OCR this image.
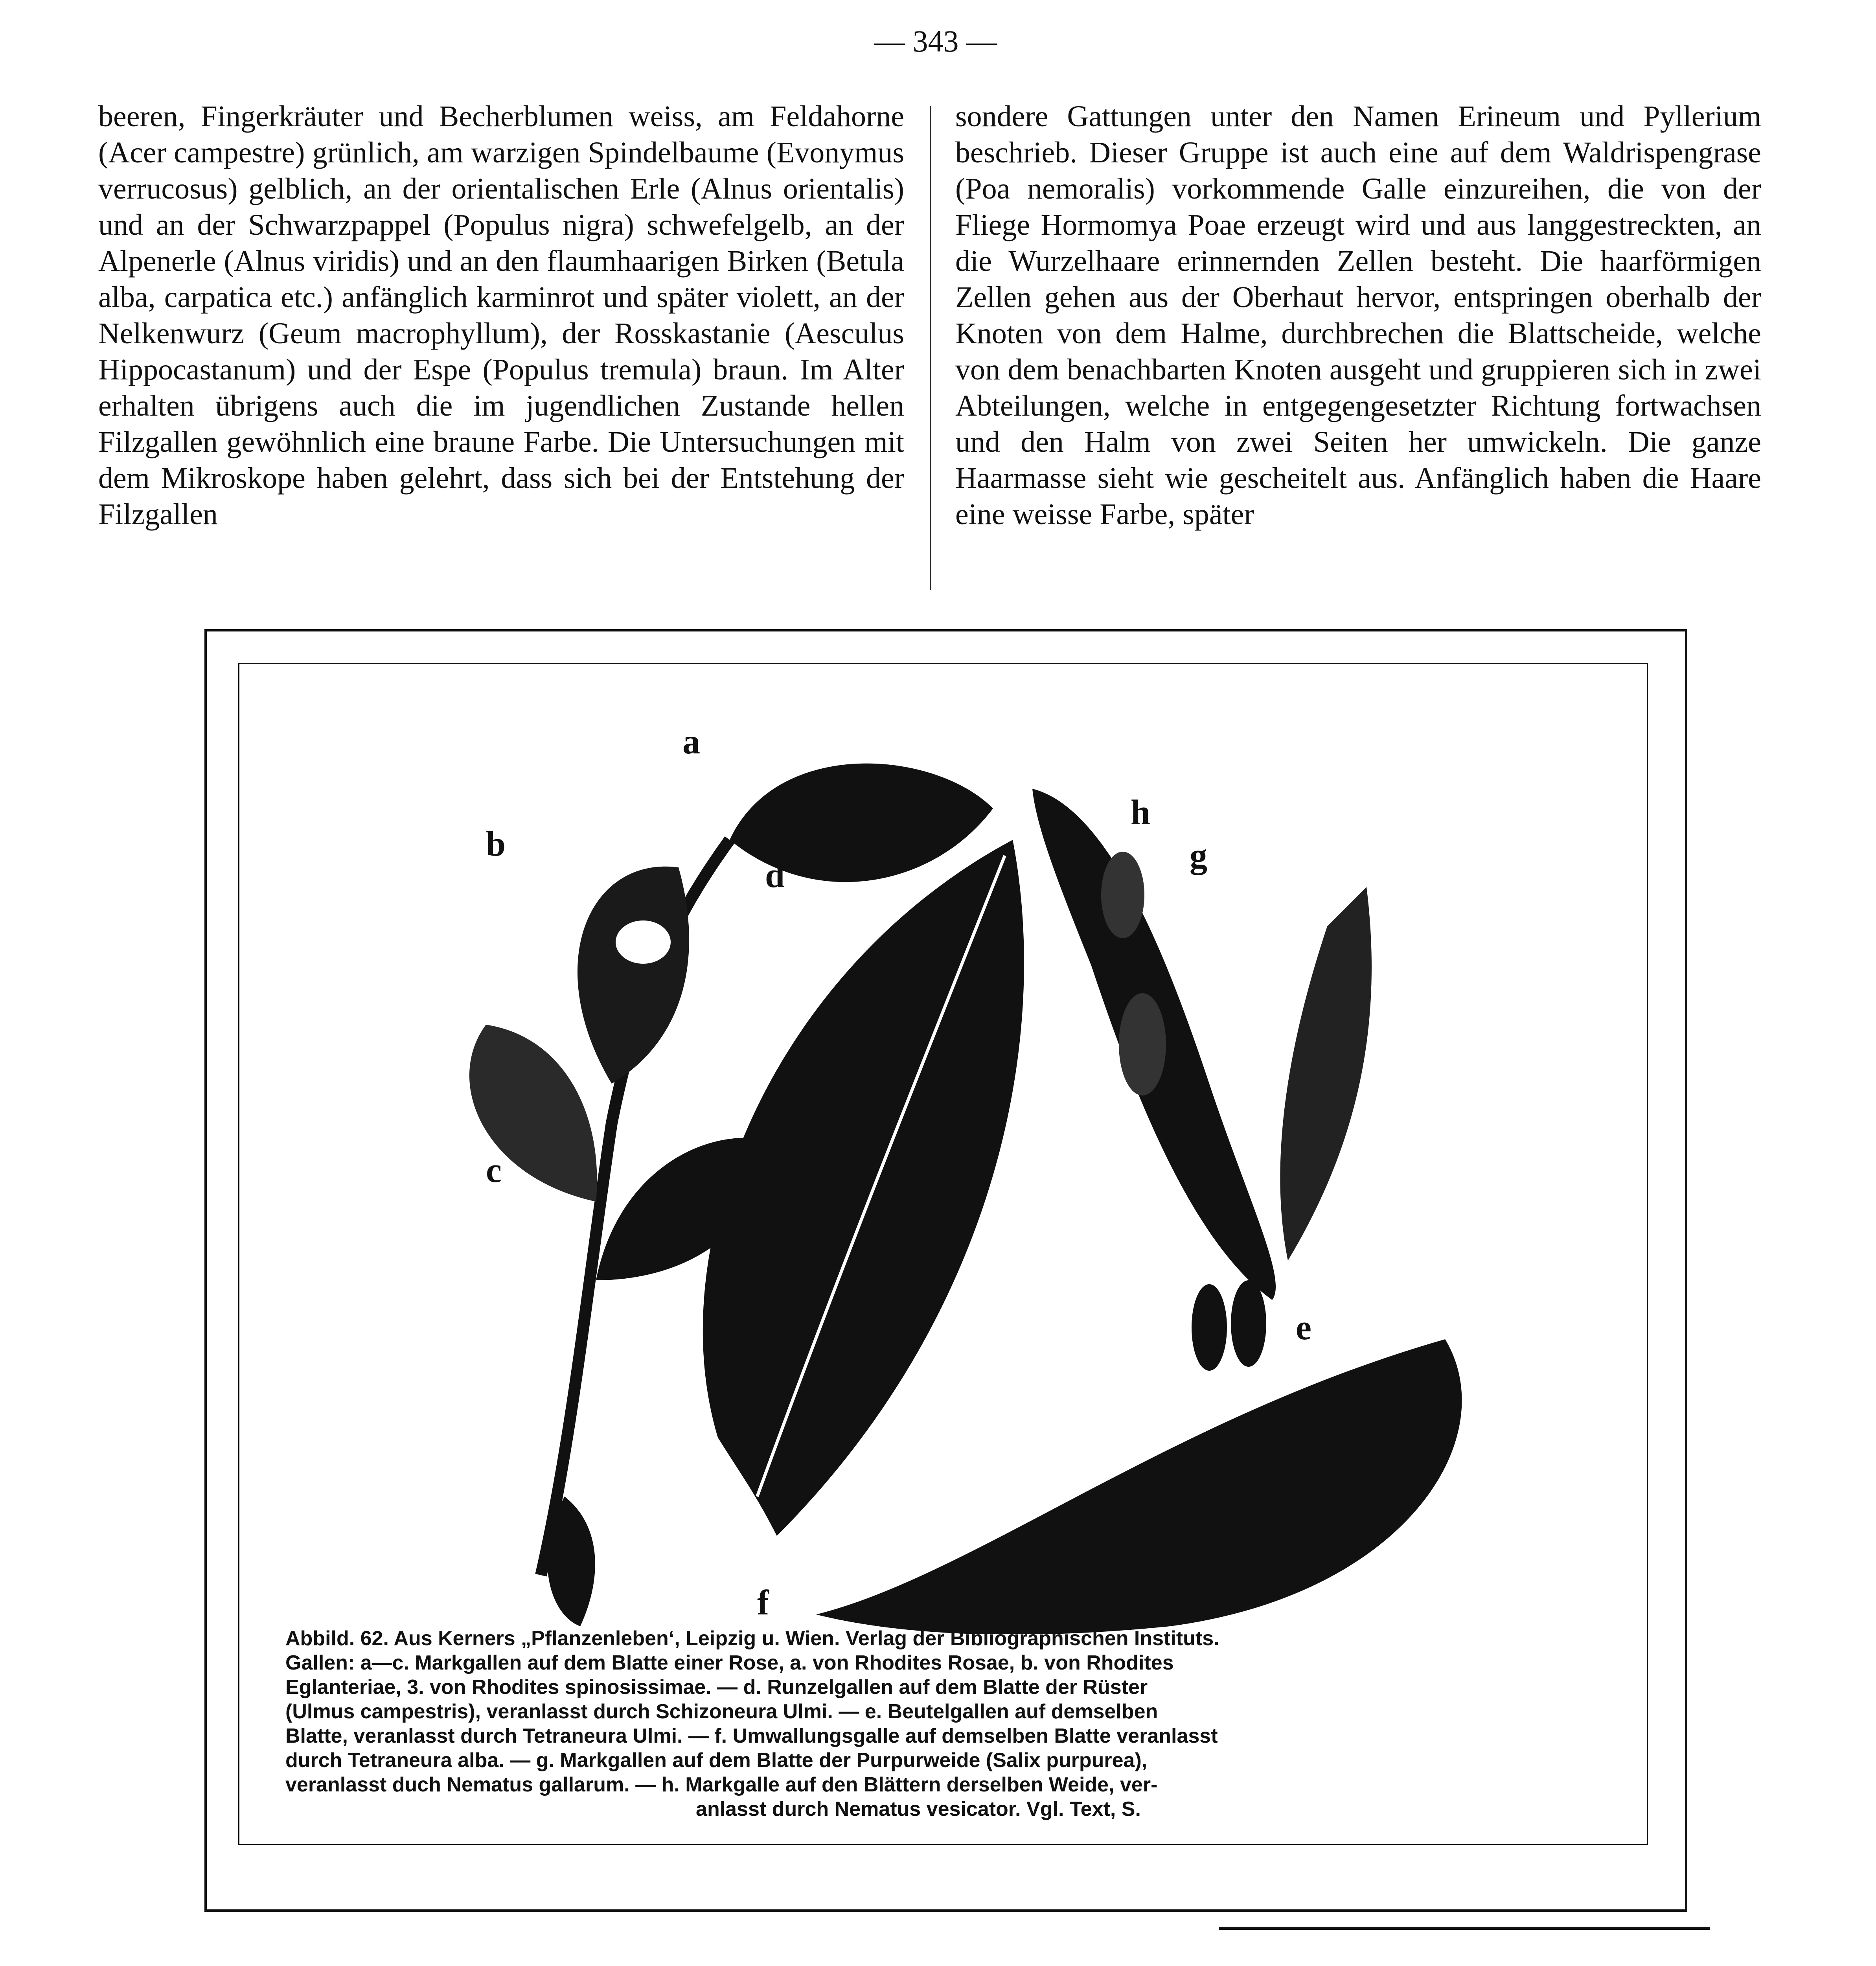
— 343 —

beeren, Fingerkräuter und Becherblumen weiss, am Feldahorne (Acer campestre) grünlich, am warzigen Spindelbaume (Evonymus verrucosus) gelblich, an der orientalischen Erle (Alnus orientalis) und an der Schwarzpappel (Populus nigra) schwefelgelb, an der Alpenerle (Alnus viridis) und an den flaumhaarigen Birken (Betula alba, carpatica etc.) anfänglich karminrot und später violett, an der Nelkenwurz (Geum macrophyllum), der Rosskastanie (Aesculus Hippocastanum) und der Espe (Populus tremula) braun. Im Alter erhalten übrigens auch die im jugendlichen Zustande hellen Filzgallen gewöhnlich eine braune Farbe. Die Untersuchungen mit dem Mikroskope haben gelehrt, dass sich bei der Entstehung der Filzgallen

sondere Gattungen unter den Namen Erineum und Pyllerium beschrieb. Dieser Gruppe ist auch eine auf dem Waldrispengrase (Poa nemoralis) vorkommende Galle einzureihen, die von der Fliege Hormomya Poae erzeugt wird und aus langgestreckten, an die Wurzelhaare erinnernden Zellen besteht. Die haarförmigen Zellen gehen aus der Oberhaut hervor, entspringen oberhalb der Knoten von dem Halme, durchbrechen die Blattscheide, welche von dem benachbarten Knoten ausgeht und gruppieren sich in zwei Abteilungen, welche in entgegengesetzter Richtung fortwachsen und den Halm von zwei Seiten her umwickeln. Die ganze Haarmasse sieht wie gescheitelt aus. Anfänglich haben die Haare eine weisse Farbe, später

a
b
c
d
e
f
f
g
h
h
e
d
Abbild. 62. Aus Kerners „Pflanzenleben‘, Leipzig u. Wien. Verlag der Bibliographischen Instituts.
Gallen: a—c. Markgallen auf dem Blatte einer Rose, a. von Rhodites Rosae, b. von Rhodites
Eglanteriae, 3. von Rhodites spinosissimae. — d. Runzelgallen auf dem Blatte der Rüster
(Ulmus campestris), veranlasst durch Schizoneura Ulmi. — e. Beutelgallen auf demselben
Blatte, veranlasst durch Tetraneura Ulmi. — f. Umwallungsgalle auf demselben Blatte veranlasst
durch Tetraneura alba. — g. Markgallen auf dem Blatte der Purpurweide (Salix purpurea),
veranlasst duch Nematus gallarum. — h. Markgalle auf den Blättern derselben Weide, ver-
anlasst durch Nematus vesicator. Vgl. Text, S.
